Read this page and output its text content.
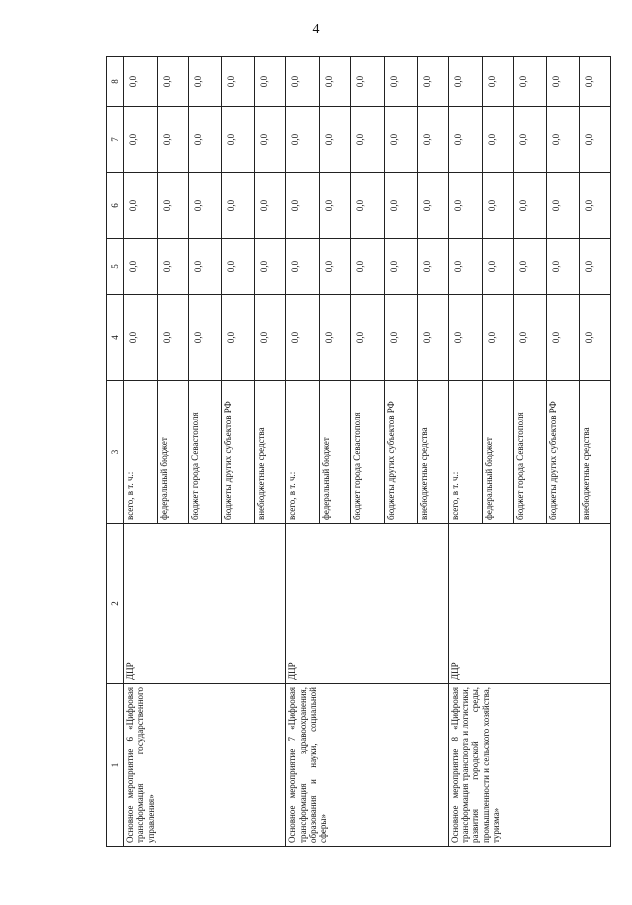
4
1	2	3	4	5	6	7	8
Основное мероприятие 6 «Цифровая трансформация государственного управления»	ДЦР	всего, в т. ч.:	0,0	0,0	0,0	0,0	0,0
		федеральный бюджет	0,0	0,0	0,0	0,0	0,0
		бюджет города Севастополя	0,0	0,0	0,0	0,0	0,0
		бюджеты других субъектов РФ	0,0	0,0	0,0	0,0	0,0
		внебюджетные средства	0,0	0,0	0,0	0,0	0,0
Основное мероприятие 7 «Цифровая трансформация здравоохранения, образования и науки, социальной сферы»	ДЦР	всего, в т. ч.:	0,0	0,0	0,0	0,0	0,0
		федеральный бюджет	0,0	0,0	0,0	0,0	0,0
		бюджет города Севастополя	0,0	0,0	0,0	0,0	0,0
		бюджеты других субъектов РФ	0,0	0,0	0,0	0,0	0,0
		внебюджетные средства	0,0	0,0	0,0	0,0	0,0
Основное мероприятие 8 «Цифровая трансформация транспорта и логистики, развития городской среды, промышленности и сельского хозяйства, туризма»	ДЦР	всего, в т. ч.:	0,0	0,0	0,0	0,0	0,0
		федеральный бюджет	0,0	0,0	0,0	0,0	0,0
		бюджет города Севастополя	0,0	0,0	0,0	0,0	0,0
		бюджеты других субъектов РФ	0,0	0,0	0,0	0,0	0,0
		внебюджетные средства	0,0	0,0	0,0	0,0	0,0
